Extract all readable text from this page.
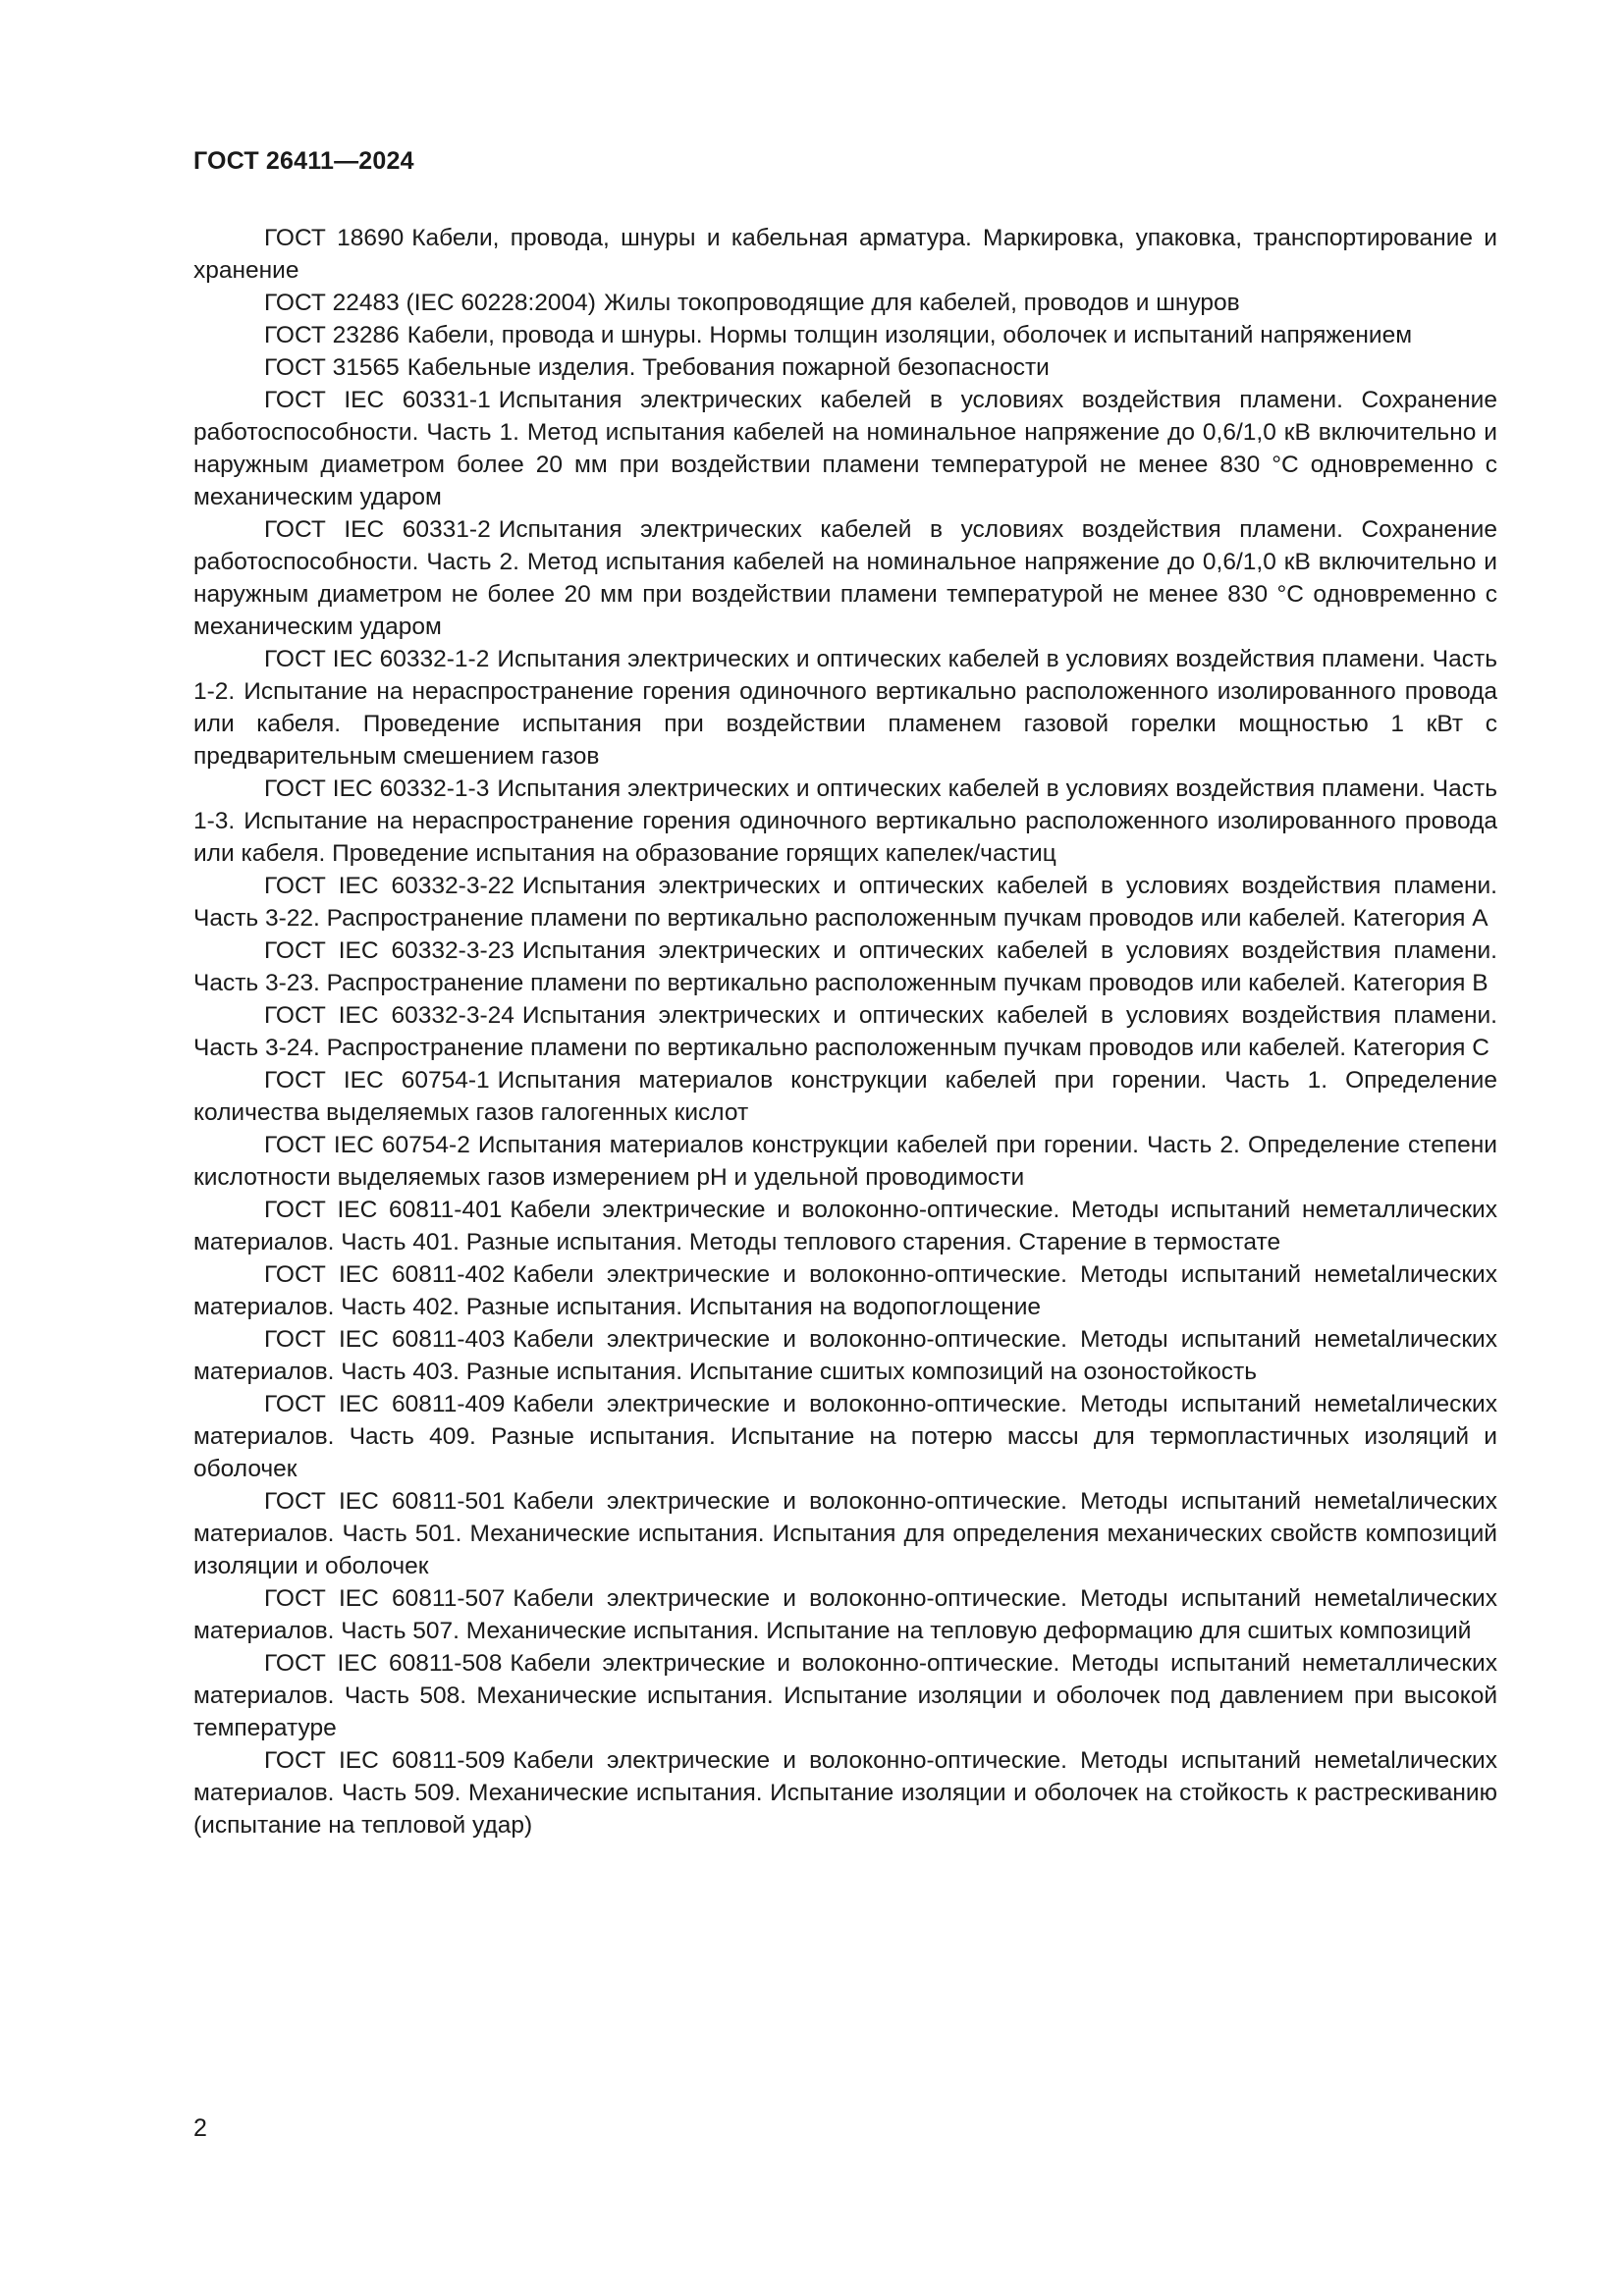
ГОСТ 26411—2024

ГОСТ 18690 Кабели, провода, шнуры и кабельная арматура. Маркировка, упаковка, транспортирование и хранение
ГОСТ 22483 (IEC 60228:2004) Жилы токопроводящие для кабелей, проводов и шнуров
ГОСТ 23286 Кабели, провода и шнуры. Нормы толщин изоляции, оболочек и испытаний напряжением
ГОСТ 31565 Кабельные изделия. Требования пожарной безопасности
ГОСТ IEC 60331-1 Испытания электрических кабелей в условиях воздействия пламени. Сохранение работоспособности. Часть 1. Метод испытания кабелей на номинальное напряжение до 0,6/1,0 кВ включительно и наружным диаметром более 20 мм при воздействии пламени температурой не менее 830 °С одновременно с механическим ударом
ГОСТ IEC 60331-2 Испытания электрических кабелей в условиях воздействия пламени. Сохранение работоспособности. Часть 2. Метод испытания кабелей на номинальное напряжение до 0,6/1,0 кВ включительно и наружным диаметром не более 20 мм при воздействии пламени температурой не менее 830 °С одновременно с механическим ударом
ГОСТ IEC 60332-1-2 Испытания электрических и оптических кабелей в условиях воздействия пламени. Часть 1-2. Испытание на нераспространение горения одиночного вертикально расположенного изолированного провода или кабеля. Проведение испытания при воздействии пламенем газовой горелки мощностью 1 кВт с предварительным смешением газов
ГОСТ IEC 60332-1-3 Испытания электрических и оптических кабелей в условиях воздействия пламени. Часть 1-3. Испытание на нераспространение горения одиночного вертикально расположенного изолированного провода или кабеля. Проведение испытания на образование горящих капелек/частиц
ГОСТ IEC 60332-3-22 Испытания электрических и оптических кабелей в условиях воздействия пламени. Часть 3-22. Распространение пламени по вертикально расположенным пучкам проводов или кабелей. Категория А
ГОСТ IEC 60332-3-23 Испытания электрических и оптических кабелей в условиях воздействия пламени. Часть 3-23. Распространение пламени по вертикально расположенным пучкам проводов или кабелей. Категория В
ГОСТ IEC 60332-3-24 Испытания электрических и оптических кабелей в условиях воздействия пламени. Часть 3-24. Распространение пламени по вертикально расположенным пучкам проводов или кабелей. Категория С
ГОСТ IEC 60754-1 Испытания материалов конструкции кабелей при горении. Часть 1. Определение количества выделяемых газов галогенных кислот
ГОСТ IEC 60754-2 Испытания материалов конструкции кабелей при горении. Часть 2. Определение степени кислотности выделяемых газов измерением рН и удельной проводимости
ГОСТ IEC 60811-401 Кабели электрические и волоконно-оптические. Методы испытаний неметаллических материалов. Часть 401. Разные испытания. Методы теплового старения. Старение в термостате
ГОСТ IEC 60811-402 Кабели электрические и волоконно-оптические. Методы испытаний немetalлических материалов. Часть 402. Разные испытания. Испытания на водопоглощение
ГОСТ IEC 60811-403 Кабели электрические и волоконно-оптические. Методы испытаний немetalлических материалов. Часть 403. Разные испытания. Испытание сшитых композиций на озоностойкость
ГОСТ IEC 60811-409 Кабели электрические и волоконно-оптические. Методы испытаний немetalлических материалов. Часть 409. Разные испытания. Испытание на потерю массы для термопластичных изоляций и оболочек
ГОСТ IEC 60811-501 Кабели электрические и волоконно-оптические. Методы испытаний немetalлических материалов. Часть 501. Механические испытания. Испытания для определения механических свойств композиций изоляции и оболочек
ГОСТ IEC 60811-507 Кабели электрические и волоконно-оптические. Методы испытаний немetalлических материалов. Часть 507. Механические испытания. Испытание на тепловую деформацию для сшитых композиций
ГОСТ IEC 60811-508 Кабели электрические и волоконно-оптические. Методы испытаний неметаллических материалов. Часть 508. Механические испытания. Испытание изоляции и оболочек под давлением при высокой температуре
ГОСТ IEC 60811-509 Кабели электрические и волоконно-оптические. Методы испытаний немetalлических материалов. Часть 509. Механические испытания. Испытание изоляции и оболочек на стойкость к растрескиванию (испытание на тепловой удар)

2
